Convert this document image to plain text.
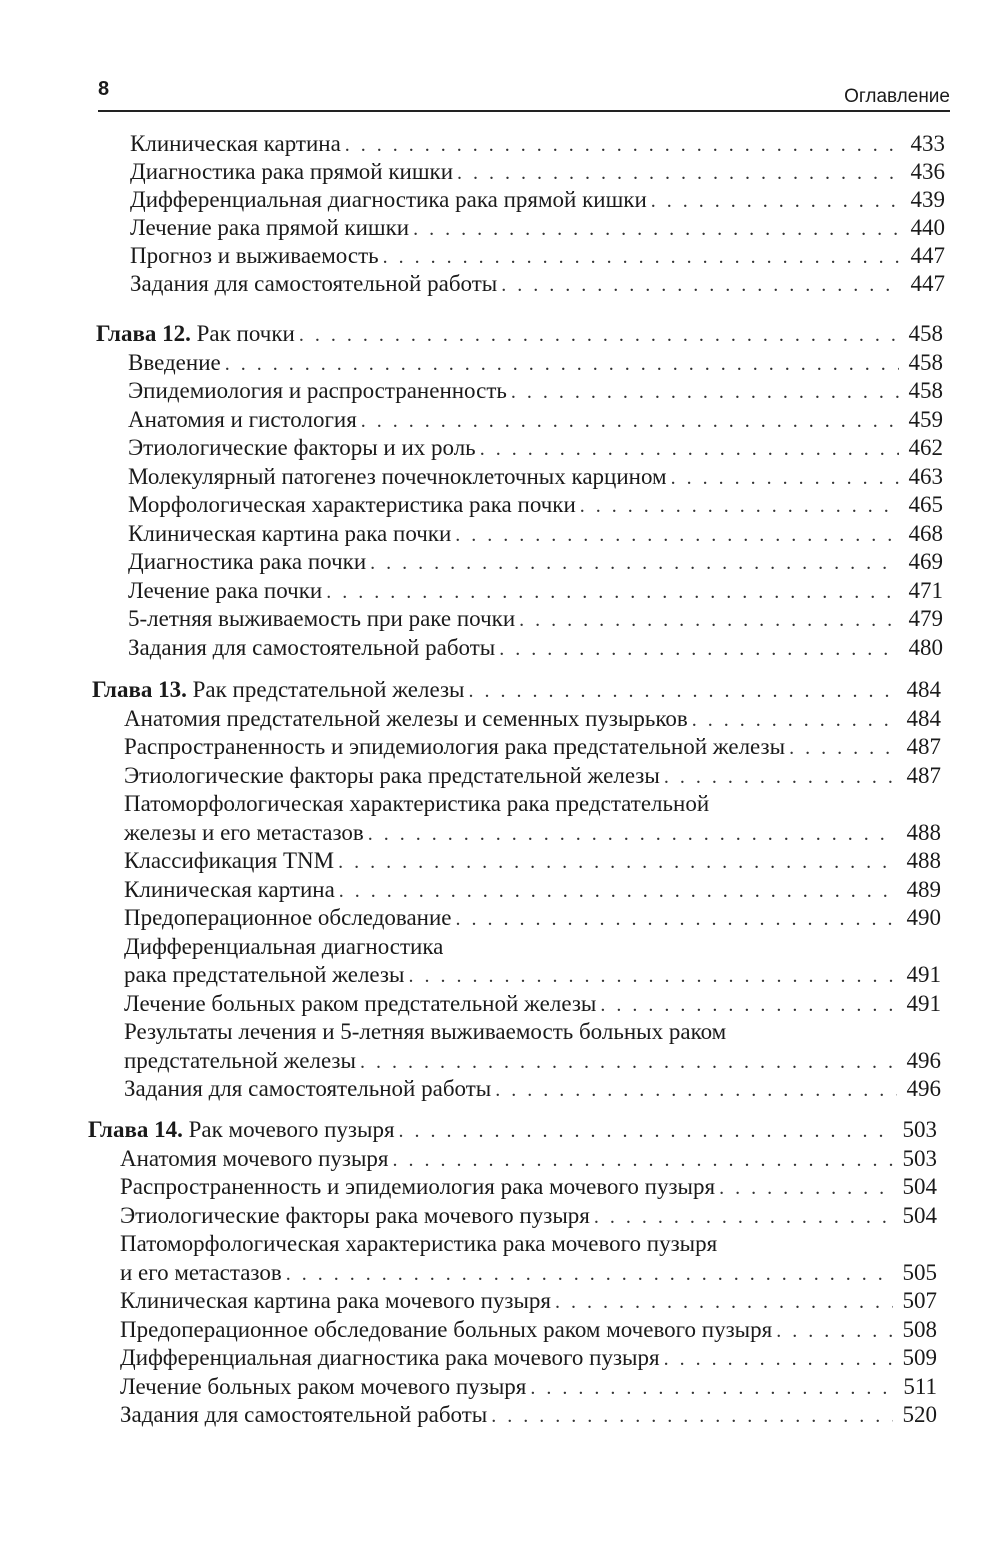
8	Оглавление
Клиническая картина . . .	433
Диагностика рака прямой кишки . . .	436
Дифференциальная диагностика рака прямой кишки . . .	439
Лечение рака прямой кишки . . .	440
Прогноз и выживаемость . . .	447
Задания для самостоятельной работы . . .	447
Глава 12. Рак почки . . .	458
Введение . . .	458
Эпидемиология и распространенность . . .	458
Анатомия и гистология . . .	459
Этиологические факторы и их роль . . .	462
Молекулярный патогенез почечноклеточных карцином . . .	463
Морфологическая характеристика рака почки . . .	465
Клиническая картина рака почки . . .	468
Диагностика рака почки . . .	469
Лечение рака почки . . .	471
5-летняя выживаемость при раке почки . . .	479
Задания для самостоятельной работы . . .	480
Глава 13. Рак предстательной железы . . .	484
Анатомия предстательной железы и семенных пузырьков . . .	484
Распространенность и эпидемиология рака предстательной железы . . .	487
Этиологические факторы рака предстательной железы . . .	487
Патоморфологическая характеристика рака предстательной
железы и его метастазов . . .	488
Классификация TNM . . .	488
Клиническая картина . . .	489
Предоперационное обследование . . .	490
Дифференциальная диагностика
рака предстательной железы . . .	491
Лечение больных раком предстательной железы . . .	491
Результаты лечения и 5-летняя выживаемость больных раком
предстательной железы . . .	496
Задания для самостоятельной работы . . .	496
Глава 14. Рак мочевого пузыря . . .	503
Анатомия мочевого пузыря . . .	503
Распространенность и эпидемиология рака мочевого пузыря . . .	504
Этиологические факторы рака мочевого пузыря . . .	504
Патоморфологическая характеристика рака мочевого пузыря
и его метастазов . . .	505
Клиническая картина рака мочевого пузыря . . .	507
Предоперационное обследование больных раком мочевого пузыря . . .	508
Дифференциальная диагностика рака мочевого пузыря . . .	509
Лечение больных раком мочевого пузыря . . .	511
Задания для самостоятельной работы . . .	520
